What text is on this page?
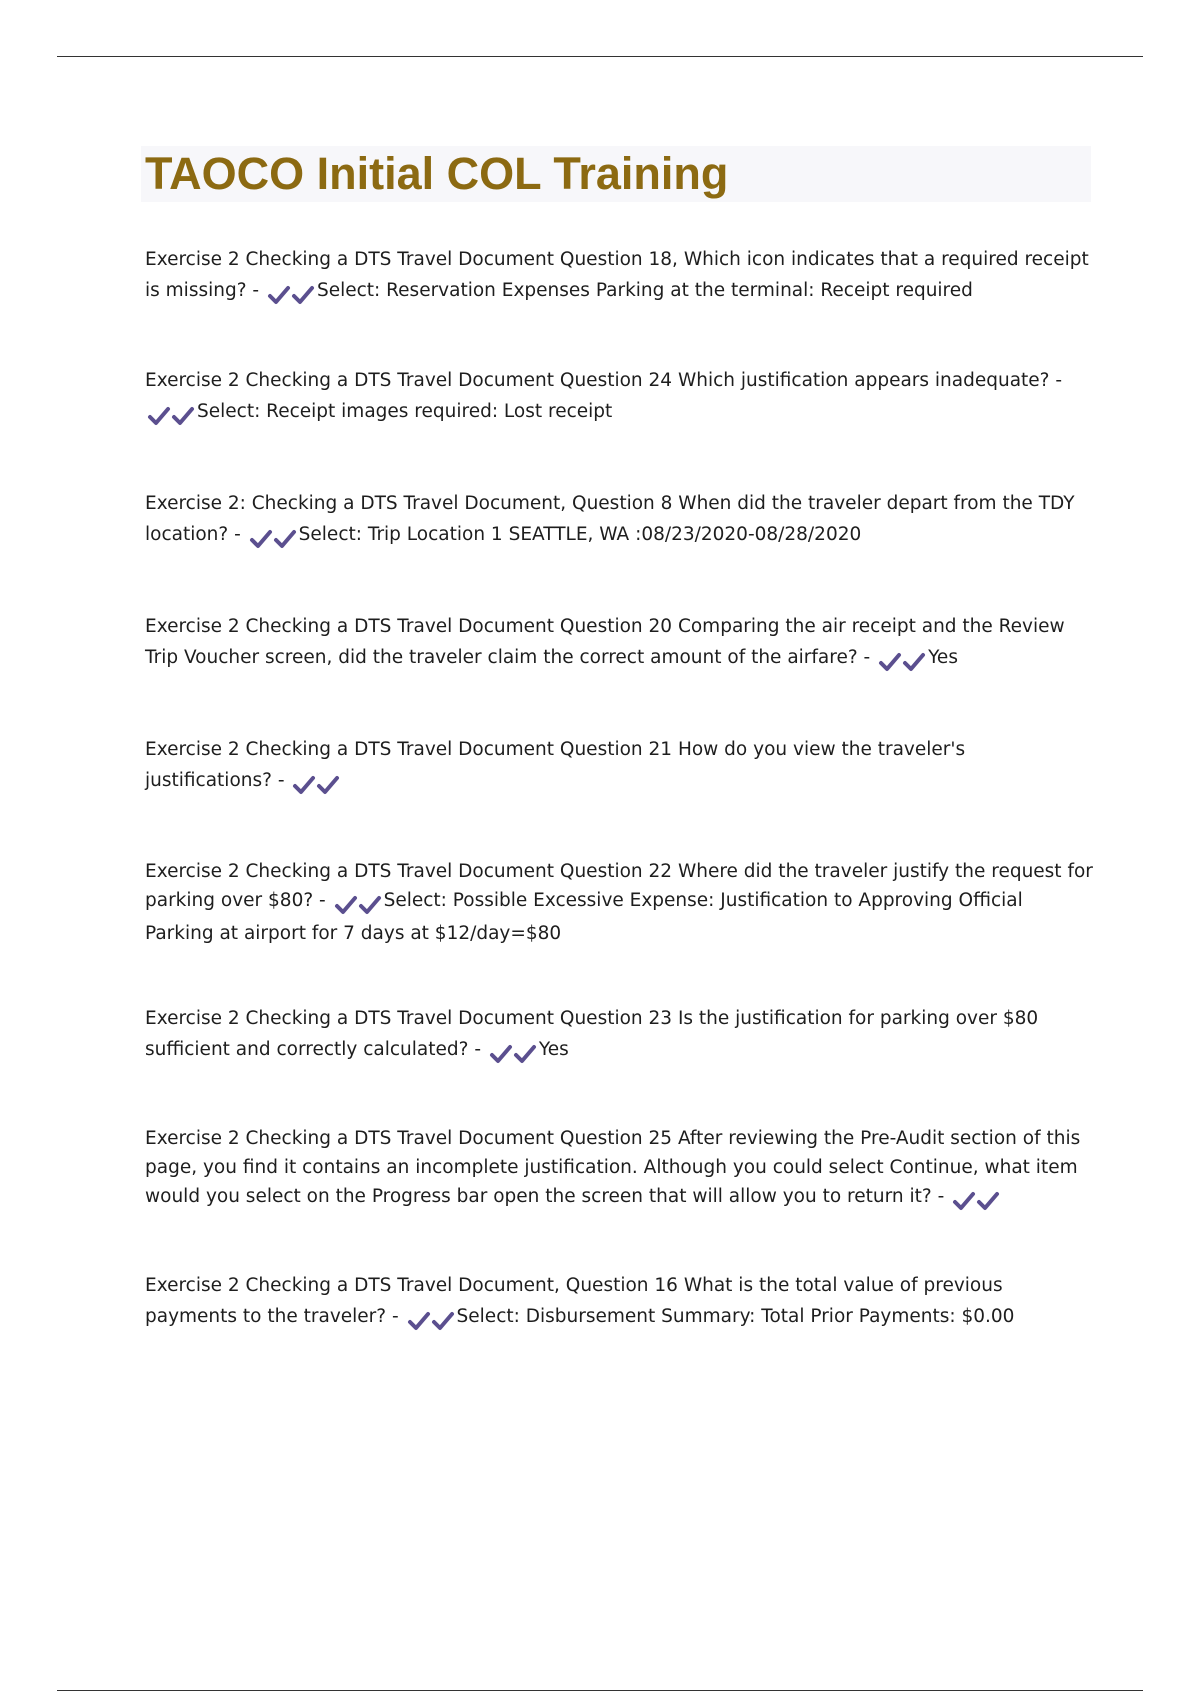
TAOCO Initial COL Training

Exercise 2 Checking a DTS Travel Document Question 18, Which icon indicates that a required receipt is missing? -	Select: Reservation Expenses Parking at the terminal: Receipt required

Exercise 2 Checking a DTS Travel Document Question 24 Which justification appears inadequate? -
Select: Receipt images required: Lost receipt

Exercise 2: Checking a DTS Travel Document, Question 8 When did the traveler depart from the TDY location? -	Select: Trip Location 1 SEATTLE, WA :08/23/2020-08/28/2020

Exercise 2 Checking a DTS Travel Document Question 20 Comparing the air receipt and the Review Trip Voucher screen, did the traveler claim the correct amount of the airfare? -	Yes

Exercise 2 Checking a DTS Travel Document Question 21 How do you view the traveler's justifications? -

Exercise 2 Checking a DTS Travel Document Question 22 Where did the traveler justify the request for parking over $80? -	Select: Possible Excessive Expense: Justification to Approving Official Parking at airport for 7 days at $12/day=$80

Exercise 2 Checking a DTS Travel Document Question 23 Is the justification for parking over $80 sufficient and correctly calculated? -	Yes

Exercise 2 Checking a DTS Travel Document Question 25 After reviewing the Pre-Audit section of this page, you find it contains an incomplete justification. Although you could select Continue, what item would you select on the Progress bar open the screen that will allow you to return it? -

Exercise 2 Checking a DTS Travel Document, Question 16 What is the total value of previous payments to the traveler? -	Select: Disbursement Summary: Total Prior Payments: $0.00
